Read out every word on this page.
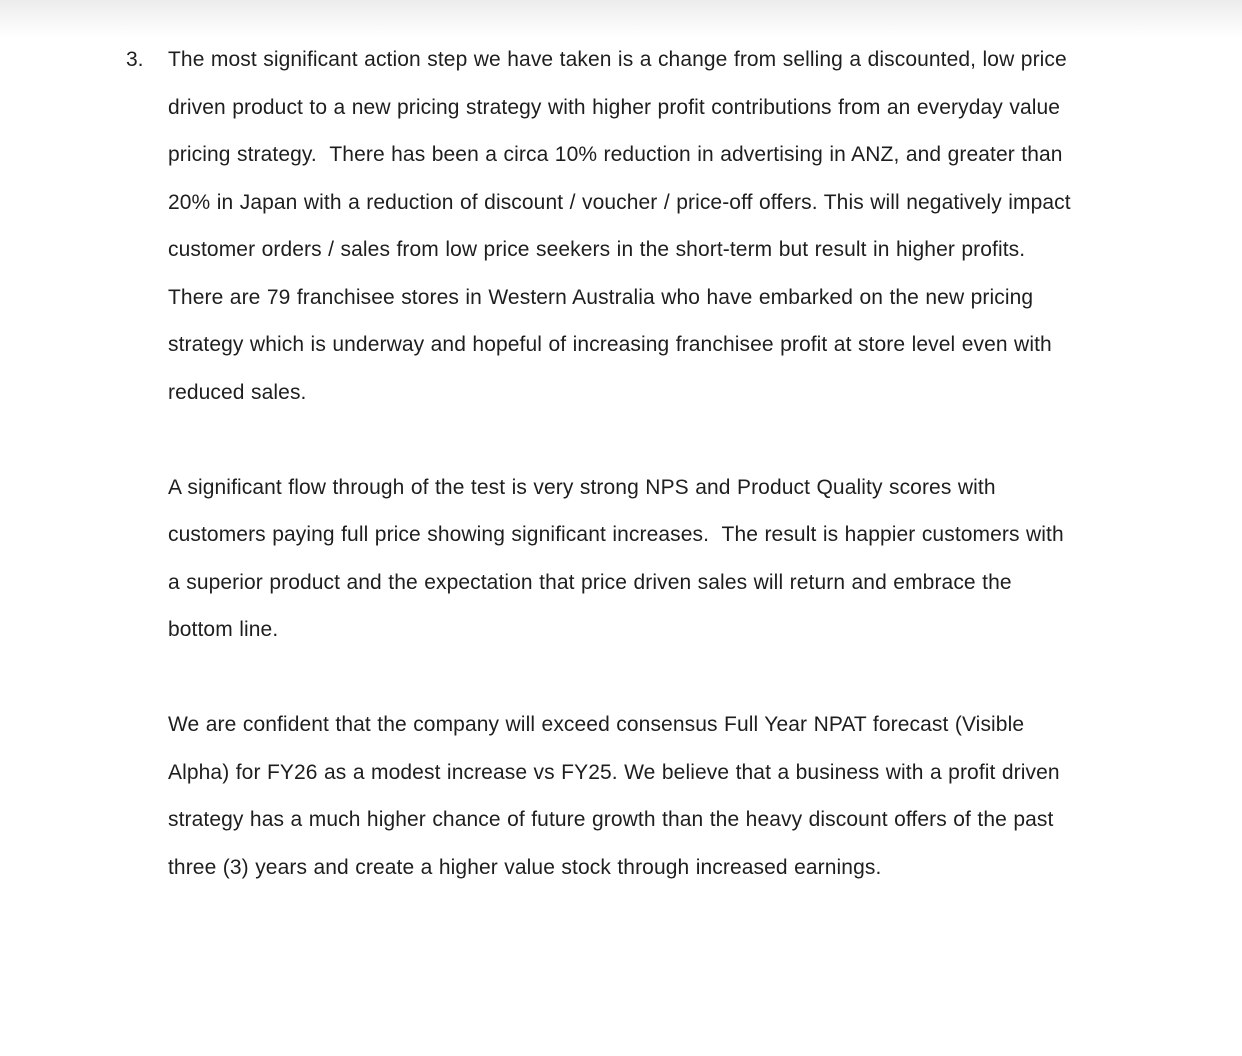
3.	The most significant action step we have taken is a change from selling a discounted, low price driven product to a new pricing strategy with higher profit contributions from an everyday value pricing strategy.  There has been a circa 10% reduction in advertising in ANZ, and greater than 20% in Japan with a reduction of discount / voucher / price-off offers. This will negatively impact customer orders / sales from low price seekers in the short-term but result in higher profits.  There are 79 franchisee stores in Western Australia who have embarked on the new pricing strategy which is underway and hopeful of increasing franchisee profit at store level even with reduced sales.

A significant flow through of the test is very strong NPS and Product Quality scores with customers paying full price showing significant increases.  The result is happier customers with a superior product and the expectation that price driven sales will return and embrace the bottom line.

We are confident that the company will exceed consensus Full Year NPAT forecast (Visible Alpha) for FY26 as a modest increase vs FY25. We believe that a business with a profit driven strategy has a much higher chance of future growth than the heavy discount offers of the past three (3) years and create a higher value stock through increased earnings.
